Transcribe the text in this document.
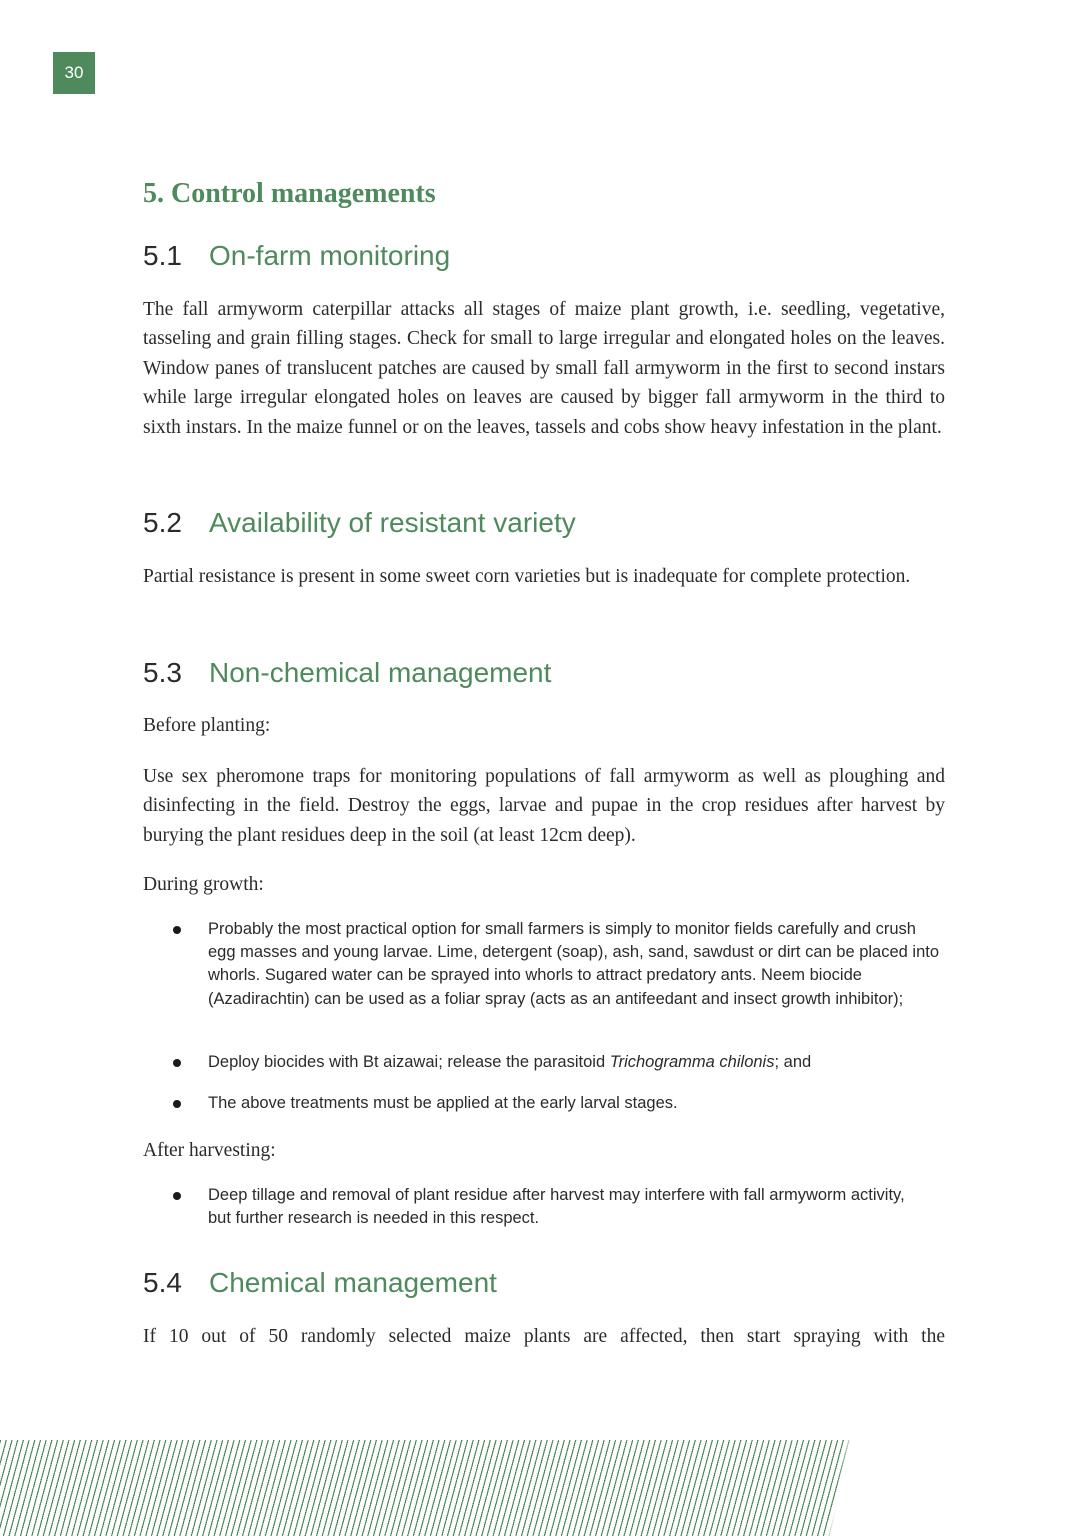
30
5. Control managements
5.1 On-farm monitoring

The fall armyworm caterpillar attacks all stages of maize plant growth, i.e. seedling, vegetative, tasseling and grain filling stages. Check for small to large irregular and elongated holes on the leaves. Window panes of translucent patches are caused by small fall armyworm in the first to second instars while large irregular elongated holes on leaves are caused by bigger fall armyworm in the third to sixth instars. In the maize funnel or on the leaves, tassels and cobs show heavy infestation in the plant.

5.2 Availability of resistant variety

Partial resistance is present in some sweet corn varieties but is inadequate for complete protection.

5.3 Non-chemical management

Before planting:

Use sex pheromone traps for monitoring populations of fall armyworm as well as ploughing and disinfecting in the field. Destroy the eggs, larvae and pupae in the crop residues after harvest by burying the plant residues deep in the soil (at least 12cm deep).

During growth:

Probably the most practical option for small farmers is simply to monitor fields carefully and crush egg masses and young larvae. Lime, detergent (soap), ash, sand, sawdust or dirt can be placed into whorls. Sugared water can be sprayed into whorls to attract predatory ants. Neem biocide (Azadirachtin) can be used as a foliar spray (acts as an antifeedant and insect growth inhibitor);
Deploy biocides with Bt aizawai; release the parasitoid Trichogramma chilonis; and
The above treatments must be applied at the early larval stages.

After harvesting:

Deep tillage and removal of plant residue after harvest may interfere with fall armyworm activity, but further research is needed in this respect.
5.4 Chemical management

If 10 out of 50 randomly selected maize plants are affected, then start spraying with the
